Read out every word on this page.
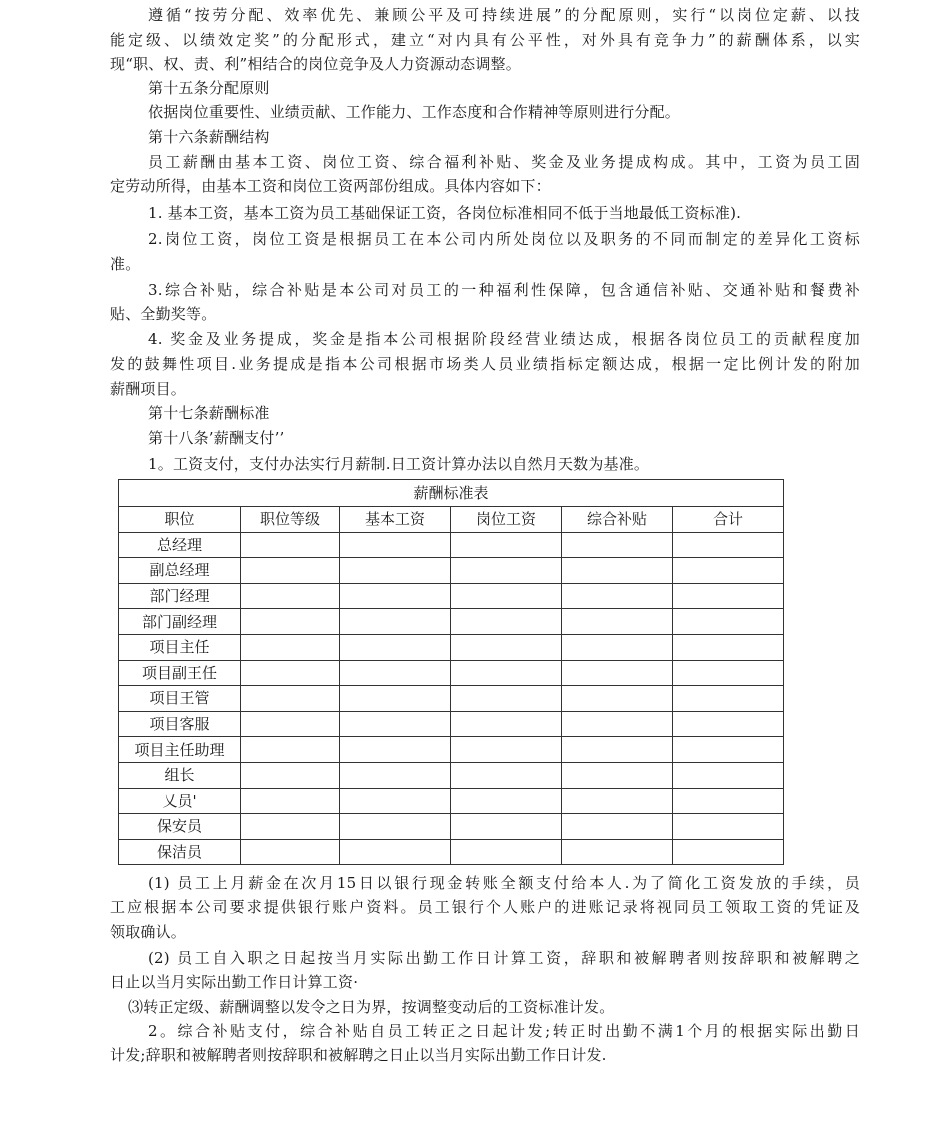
遵循“按劳分配、效率优先、兼顾公平及可持续进展”的分配原则，实行“以岗位定薪、以技
能定级、以绩效定奖”的分配形式，建立“对内具有公平性，对外具有竞争力”的薪酬体系，以实
现“职、权、责、利”相结合的岗位竞争及人力资源动态调整。
第十五条分配原则
依据岗位重要性、业绩贡献、工作能力、工作态度和合作精神等原则进行分配。
第十六条薪酬结构
员工薪酬由基本工资、岗位工资、综合福利补贴、奖金及业务提成构成。其中，工资为员工固
定劳动所得，由基本工资和岗位工资两部份组成。具体内容如下：
1. 基本工资，基本工资为员工基础保证工资，各岗位标准相同不低于当地最低工资标准).
2.岗位工资，岗位工资是根据员工在本公司内所处岗位以及职务的不同而制定的差异化工资标
准。
3.综合补贴，综合补贴是本公司对员工的一种福利性保障，包含通信补贴、交通补贴和餐费补
贴、全勤奖等。
4. 奖金及业务提成，奖金是指本公司根据阶段经营业绩达成，根据各岗位员工的贡献程度加
发的鼓舞性项目.业务提成是指本公司根据市场类人员业绩指标定额达成，根据一定比例计发的附加
薪酬项目。
第十七条薪酬标准
第十八条’薪酬支付’’
1。工资支付，支付办法实行月薪制.日工资计算办法以自然月天数为基准。
薪酬标准表					
职位	职位等级	基本工资	岗位工资	综合补贴	合计
总经理					
副总经理					
部门经理					
部门副经理					
项目主任					
项目副王任					
项目王管					
项目客服					
项目主任助理					
组长					
乂员'					
保安员					
保洁员					
(1) 员工上月薪金在次月15日以银行现金转账全额支付给本人.为了简化工资发放的手续，员
工应根据本公司要求提供银行账户资料。员工银行个人账户的进账记录将视同员工领取工资的凭证及
领取确认。
(2) 员工自入职之日起按当月实际出勤工作日计算工资，辞职和被解聘者则按辞职和被解聘之
日止以当月实际出勤工作日计算工资·
⑶转正定级、薪酬调整以发令之日为界，按调整变动后的工资标准计发。
2。综合补贴支付，综合补贴自员工转正之日起计发;转正时出勤不满1个月的根据实际出勤日
计发;辞职和被解聘者则按辞职和被解聘之日止以当月实际出勤工作日计发.
